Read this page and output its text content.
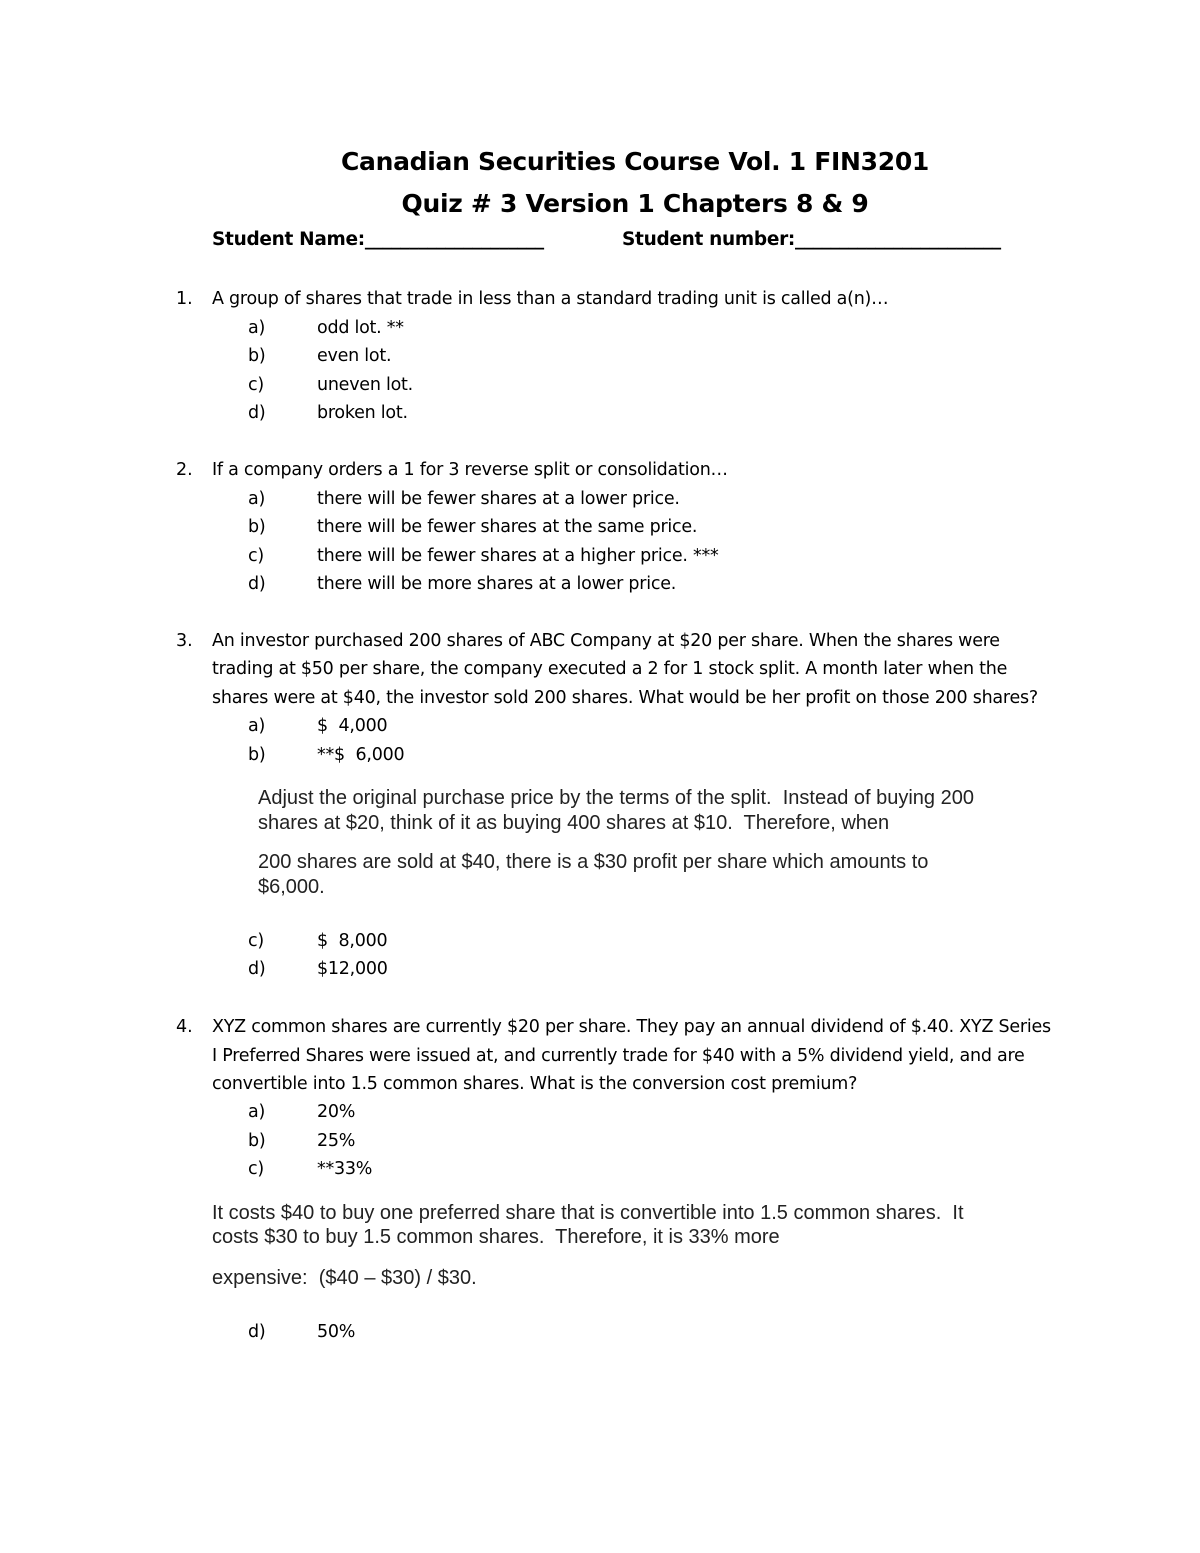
Canadian Securities Course Vol. 1 FIN3201
Quiz # 3 Version 1 Chapters 8 & 9
Student Name:____________________	Student number:_______________________
1. A group of shares that trade in less than a standard trading unit is called a(n)…
a)	odd lot. **
b)	even lot.
c)	uneven lot.
d)	broken lot.
2. If a company orders a 1 for 3 reverse split or consolidation…
a)	there will be fewer shares at a lower price.
b)	there will be fewer shares at the same price.
c)	there will be fewer shares at a higher price. ***
d)	there will be more shares at a lower price.
3. An investor purchased 200 shares of ABC Company at $20 per share. When the shares were
trading at $50 per share, the company executed a 2 for 1 stock split. A month later when the
shares were at $40, the investor sold 200 shares. What would be her profit on those 200 shares?
a)	$  4,000
b)	**$  6,000
Adjust the original purchase price by the terms of the split.  Instead of buying 200
shares at $20, think of it as buying 400 shares at $10.  Therefore, when
200 shares are sold at $40, there is a $30 profit per share which amounts to
$6,000.
c)	$  8,000
d)	$12,000
4. XYZ common shares are currently $20 per share. They pay an annual dividend of $.40. XYZ Series
I Preferred Shares were issued at, and currently trade for $40 with a 5% dividend yield, and are
convertible into 1.5 common shares. What is the conversion cost premium?
a)	20%
b)	25%
c)	**33%
It costs $40 to buy one preferred share that is convertible into 1.5 common shares.  It
costs $30 to buy 1.5 common shares.  Therefore, it is 33% more
expensive:  ($40 – $30) / $30.
d)	50%
